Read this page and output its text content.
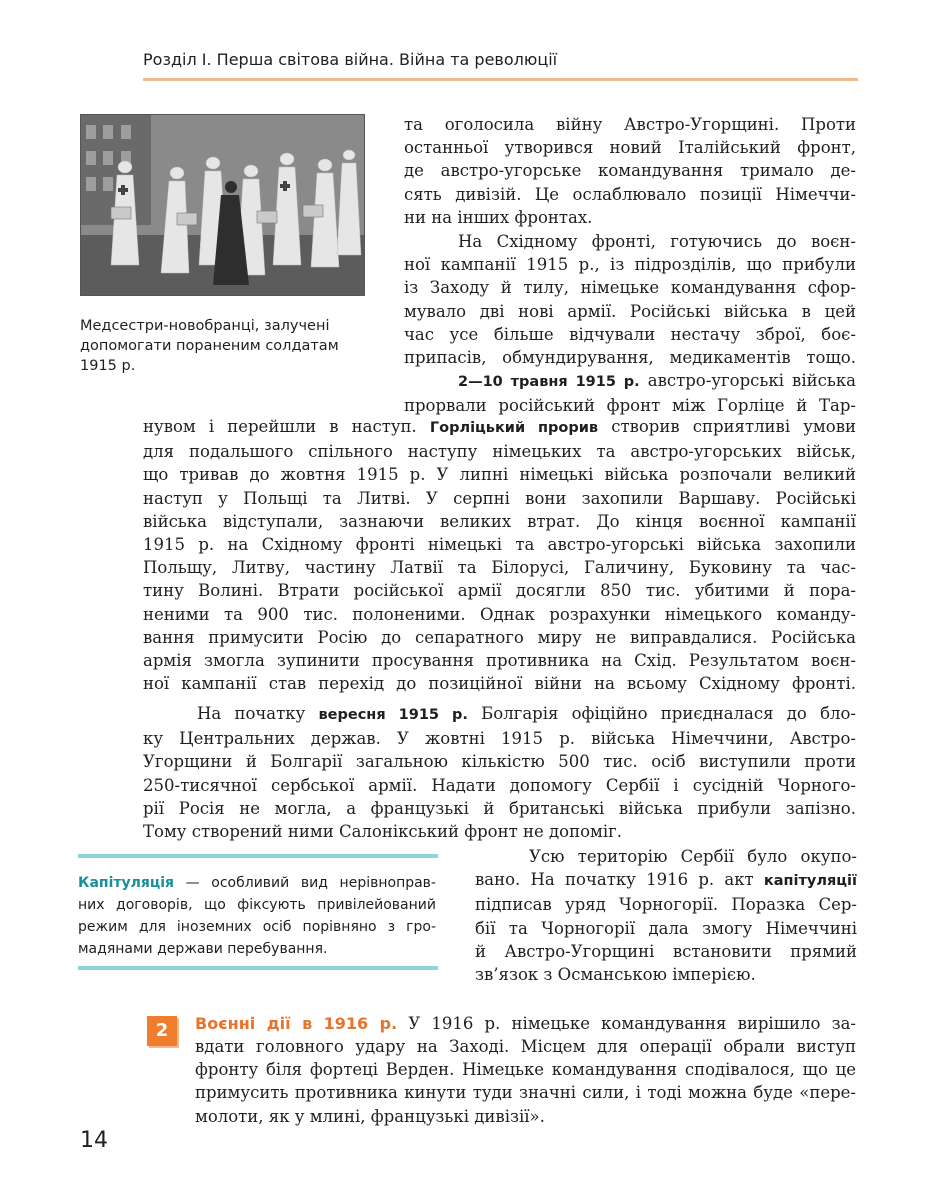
Розділ І. Перша світова війна. Війна та революції
Медсестри-новобранці, залучені
допомогати пораненим солдатам
1915 р.
та оголосила війну Австро-Угорщині. Проти
останньої утворився новий Італійський фронт,
де австро-угорське командування тримало де-
сять дивізій. Це ослаблювало позиції Німеччи-
ни на інших фронтах.
На Східному фронті, готуючись до воєн-
ної кампанії 1915 р., із підрозділів, що прибули
із Заходу й тилу, німецьке командування сфор-
мувало дві нові армії. Російські війська в цей
час усе більше відчували нестачу зброї, боє-
припасів, обмундирування, медикаментів тощо.
2—10 травня 1915 р. австро-угорські війська
прорвали російський фронт між Горліце й Тар-
нувом і перейшли в наступ. Горліцький прорив створив сприятливі умови
для подальшого спільного наступу німецьких та австро-угорських військ,
що тривав до жовтня 1915 р. У липні німецькі війська розпочали великий
наступ у Польщі та Литві. У серпні вони захопили Варшаву. Російські
війська відступали, зазнаючи великих втрат. До кінця воєнної кампанії
1915 р. на Східному фронті німецькі та австро-угорські війська захопили
Польщу, Литву, частину Латвії та Білорусі, Галичину, Буковину та час-
тину Волині. Втрати російської армії досягли 850 тис. убитими й пора-
неними та 900 тис. полоненими. Однак розрахунки німецького команду-
вання примусити Росію до сепаратного миру не виправдалися. Російська
армія змогла зупинити просування противника на Схід. Результатом воєн-
ної кампанії став перехід до позиційної війни на всьому Східному фронті.
На початку вересня 1915 р. Болгарія офіційно приєдналася до бло-
ку Центральних держав. У жовтні 1915 р. війська Німеччини, Австро-
Угорщини й Болгарії загальною кількістю 500 тис. осіб виступили проти
250-тисячної сербської армії. Надати допомогу Сербії і сусідній Чорного-
рії Росія не могла, а французькі й британські війська прибули запізно.
Тому створений ними Салонікський фронт не допоміг.
Капітуляція — особливий вид нерівноправ-
них договорів, що фіксують привілейований
режим для іноземних осіб порівняно з гро-
мадянами держави перебування.
Усю територію Сербії було окупо-
вано. На початку 1916 р. акт капітуляції
підписав уряд Чорногорії. Поразка Сер-
бії та Чорногорії дала змогу Німеччині
й Австро-Угорщині встановити прямий
зв’язок з Османською імперією.
2	Воєнні дії в 1916 р. У 1916 р. німецьке командування вирішило за-
вдати головного удару на Заході. Місцем для операції обрали виступ
фронту біля фортеці Верден. Німецьке командування сподівалося, що це
примусить противника кинути туди значні сили, і тоді можна буде «пере-
молоти, як у млині, французькі дивізії».
14
